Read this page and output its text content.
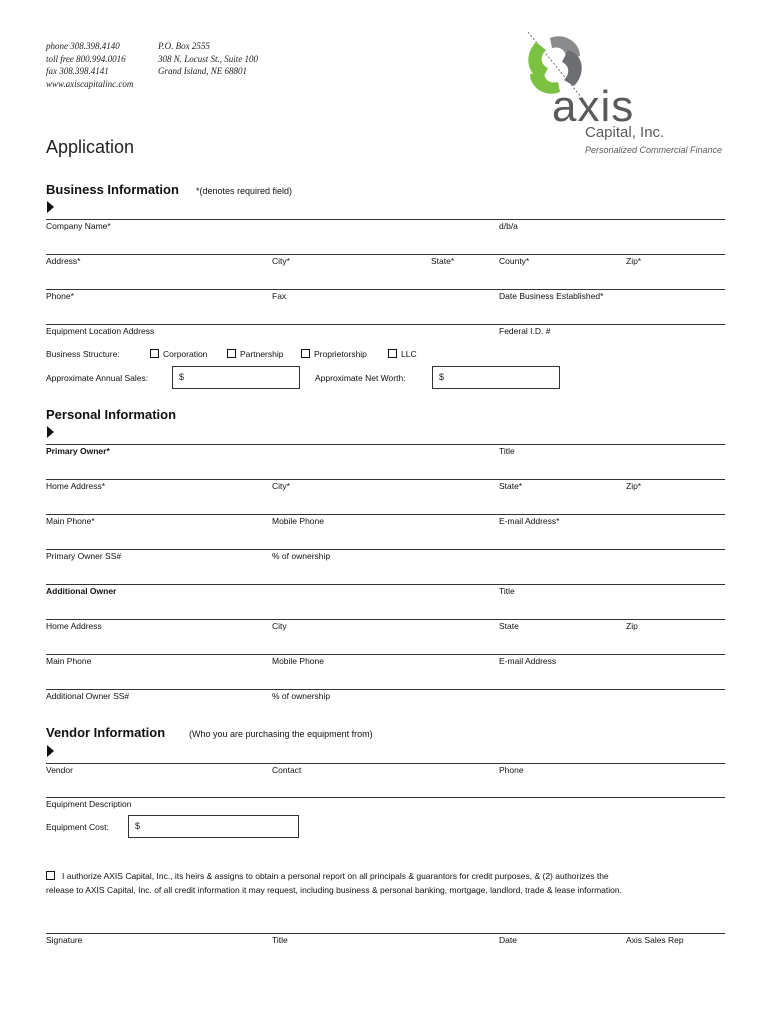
phone 308.398.4140
toll free 800.994.0016
fax 308.398.4141
www.axiscapitalinc.com
P.O. Box 2555
308 N. Locust St., Suite 100
Grand Island, NE 68801
axis
Capital, Inc.
Personalized Commercial Finance
Application
Business Information *(denotes required field)
Company Name*	d/b/a
Address*	City*	State*	County*	Zip*
Phone*	Fax	Date Business Established*
Equipment Location Address	Federal I.D. #
Business Structure:	Corporation	Partnership	Proprietorship	LLC
Approximate Annual Sales:	$	Approximate Net Worth:	$
Personal Information
Primary Owner*	Title
Home Address*	City*	State*	Zip*
Main Phone*	Mobile Phone	E-mail Address*
Primary Owner SS#	% of ownership
Additional Owner	Title
Home Address	City	State	Zip
Main Phone	Mobile Phone	E-mail Address
Additional Owner SS#	% of ownership
Vendor Information	(Who you are purchasing the equipment from)
Vendor	Contact	Phone
Equipment Description
Equipment Cost:	$
I authorize AXIS Capital, Inc., its heirs & assigns to obtain a personal report on all principals & guarantors for credit purposes, & (2) authorizes the
release to AXIS Capital, Inc. of all credit information it may request, including business & personal banking, mortgage, landlord, trade & lease information.
Signature	Title	Date	Axis Sales Rep
